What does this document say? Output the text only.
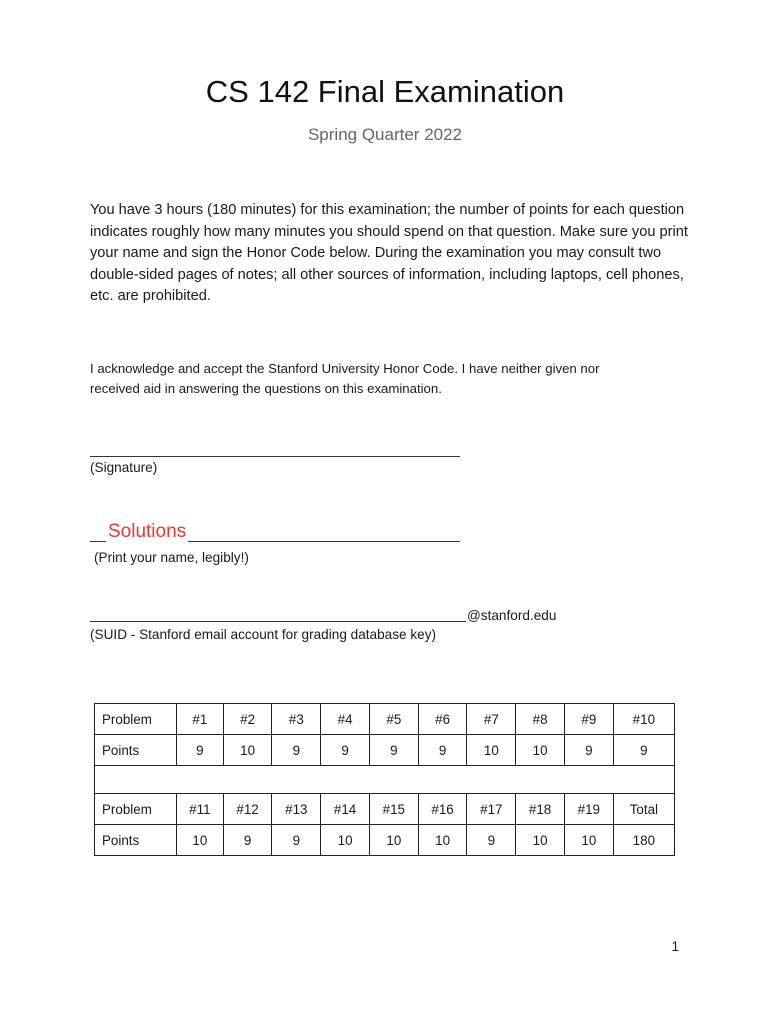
CS 142 Final Examination
Spring Quarter 2022
You have 3 hours (180 minutes) for this examination; the number of points for each question indicates roughly how many minutes you should spend on that question. Make sure you print your name and sign the Honor Code below. During the examination you may consult two double-sided pages of notes; all other sources of information, including laptops, cell phones, etc. are prohibited.
I acknowledge and accept the Stanford University Honor Code. I have neither given nor received aid in answering the questions on this examination.
(Signature)
Solutions
(Print your name, legibly!)
@stanford.edu
(SUID - Stanford email account for grading database key)
Problem	#1	#2	#3	#4	#5	#6	#7	#8	#9	#10
Points	9	10	9	9	9	9	10	10	9	9

Problem	#11	#12	#13	#14	#15	#16	#17	#18	#19	Total
Points	10	9	9	10	10	10	9	10	10	180
1
